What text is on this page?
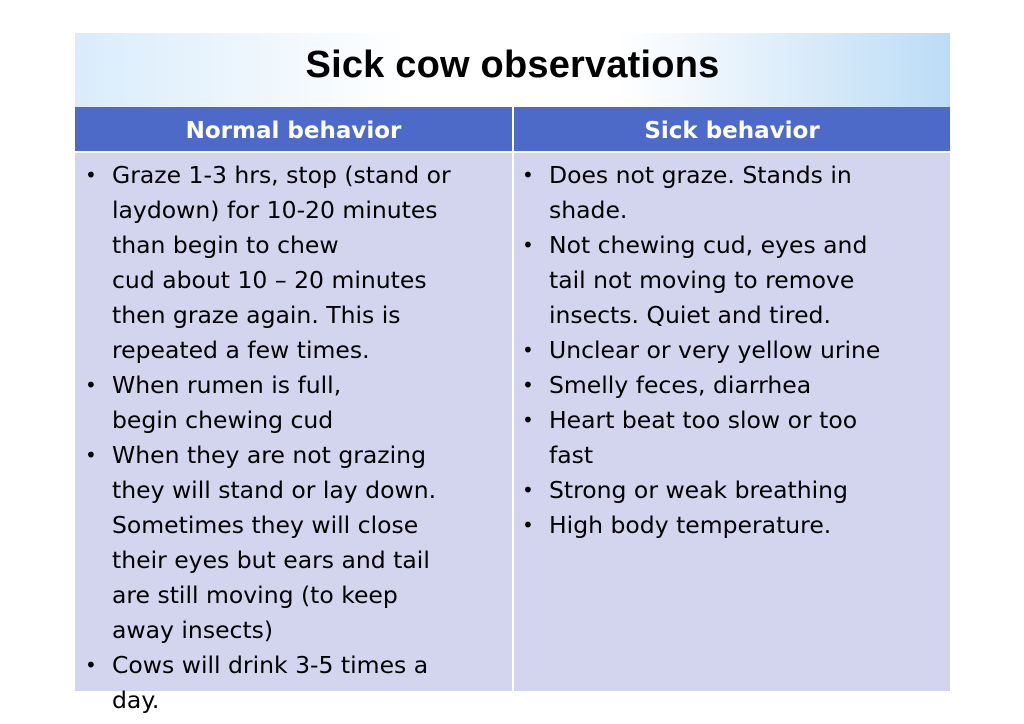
Sick cow observations
Normal behavior	Sick behavior
• Graze 1-3 hrs, stop (stand or
laydown) for 10-20 minutes
than begin to chew
cud about 10 – 20 minutes
then graze again. This is
repeated a few times.
• When rumen is full,
begin chewing cud
• When they are not grazing
they will stand or lay down.
Sometimes they will close
their eyes but ears and tail
are still moving (to keep
away insects)
• Cows will drink 3-5 times a
day.
• Does not graze. Stands in
shade.
• Not chewing cud, eyes and
tail not moving to remove
insects. Quiet and tired.
• Unclear or very yellow urine
• Smelly feces, diarrhea
• Heart beat too slow or too
fast
• Strong or weak breathing
• High body temperature.
